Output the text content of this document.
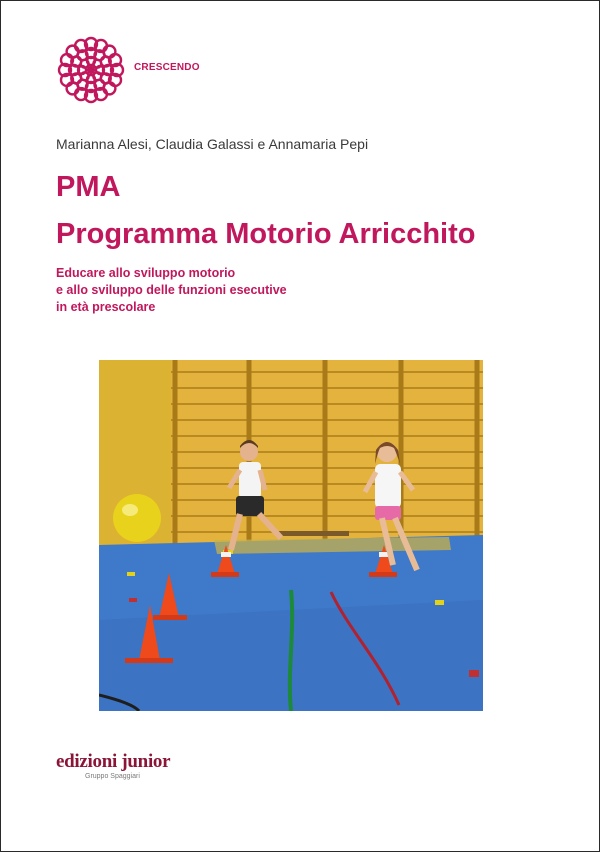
CRESCENDO
Marianna Alesi, Claudia Galassi e Annamaria Pepi
PMA
Programma Motorio Arricchito
Educare allo sviluppo motorio
e allo sviluppo delle funzioni esecutive
in età prescolare
edizioni junior
Gruppo Spaggiari
